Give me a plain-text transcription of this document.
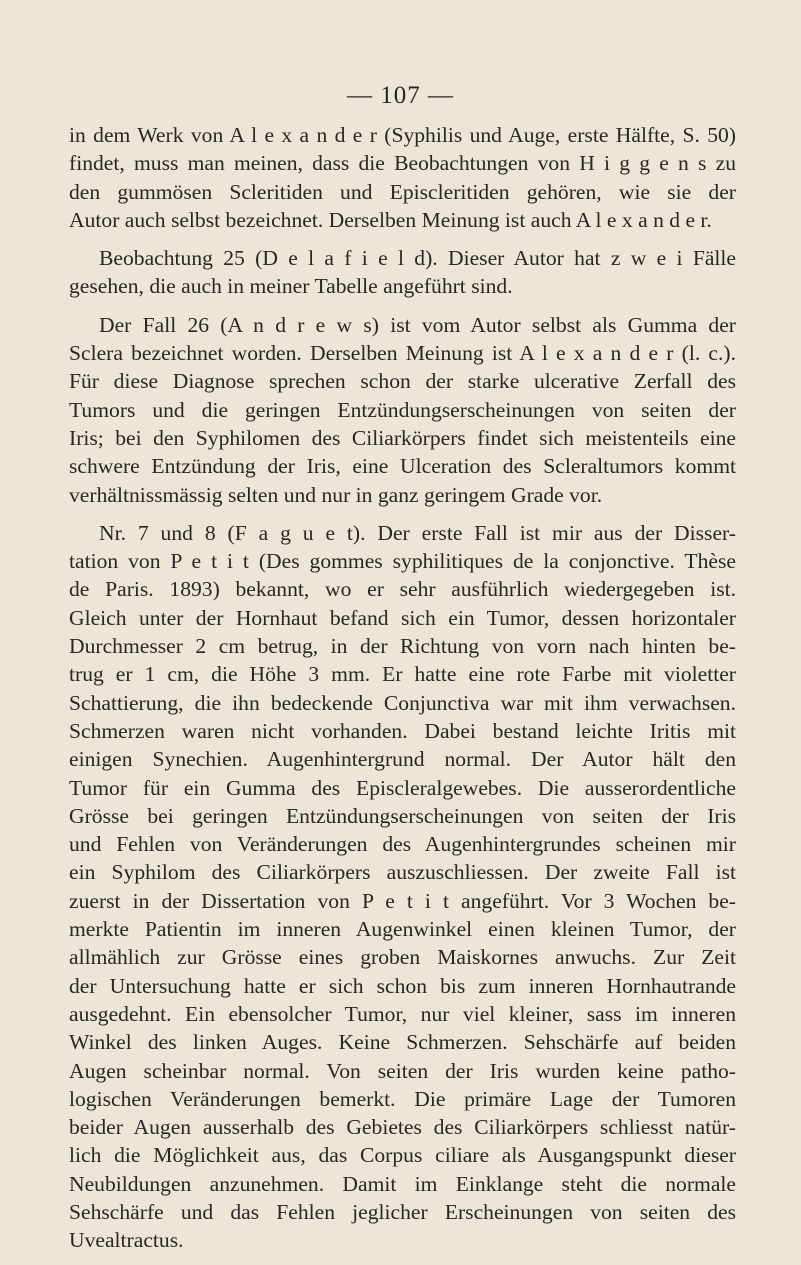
— 107 —

in dem Werk von A l e x a n d e r (Syphilis und Auge, erste Hälfte, S. 50)
findet, muss man meinen, dass die Beobachtungen von H i g g e n s zu
den gummösen Scleritiden und Episcleritiden gehören, wie sie der
Autor auch selbst bezeichnet. Derselben Meinung ist auch A l e x a n d e r.

Beobachtung 25 (D e l a f i e l d). Dieser Autor hat z w e i Fälle
gesehen, die auch in meiner Tabelle angeführt sind.

Der Fall 26 (A n d r e w s) ist vom Autor selbst als Gumma der
Sclera bezeichnet worden. Derselben Meinung ist A l e x a n d e r (l. c.).
Für diese Diagnose sprechen schon der starke ulcerative Zerfall des
Tumors und die geringen Entzündungserscheinungen von seiten der
Iris; bei den Syphilomen des Ciliarkörpers findet sich meistenteils eine
schwere Entzündung der Iris, eine Ulceration des Scleraltumors kommt
verhältnissmässig selten und nur in ganz geringem Grade vor.

Nr. 7 und 8 (F a g u e t). Der erste Fall ist mir aus der Disser-
tation von P e t i t (Des gommes syphilitiques de la conjonctive. Thèse
de Paris. 1893) bekannt, wo er sehr ausführlich wiedergegeben ist.
Gleich unter der Hornhaut befand sich ein Tumor, dessen horizontaler
Durchmesser 2 cm betrug, in der Richtung von vorn nach hinten be-
trug er 1 cm, die Höhe 3 mm. Er hatte eine rote Farbe mit violetter
Schattierung, die ihn bedeckende Conjunctiva war mit ihm verwachsen.
Schmerzen waren nicht vorhanden. Dabei bestand leichte Iritis mit
einigen Synechien. Augenhintergrund normal. Der Autor hält den
Tumor für ein Gumma des Episcleralgewebes. Die ausserordentliche
Grösse bei geringen Entzündungserscheinungen von seiten der Iris
und Fehlen von Veränderungen des Augenhintergrundes scheinen mir
ein Syphilom des Ciliarkörpers auszuschliessen. Der zweite Fall ist
zuerst in der Dissertation von P e t i t angeführt. Vor 3 Wochen be-
merkte Patientin im inneren Augenwinkel einen kleinen Tumor, der
allmählich zur Grösse eines groben Maiskornes anwuchs. Zur Zeit
der Untersuchung hatte er sich schon bis zum inneren Hornhautrande
ausgedehnt. Ein ebensolcher Tumor, nur viel kleiner, sass im inneren
Winkel des linken Auges. Keine Schmerzen. Sehschärfe auf beiden
Augen scheinbar normal. Von seiten der Iris wurden keine patho-
logischen Veränderungen bemerkt. Die primäre Lage der Tumoren
beider Augen ausserhalb des Gebietes des Ciliarkörpers schliesst natür-
lich die Möglichkeit aus, das Corpus ciliare als Ausgangspunkt dieser
Neubildungen anzunehmen. Damit im Einklange steht die normale
Sehschärfe und das Fehlen jeglicher Erscheinungen von seiten des
Uvealtractus.
